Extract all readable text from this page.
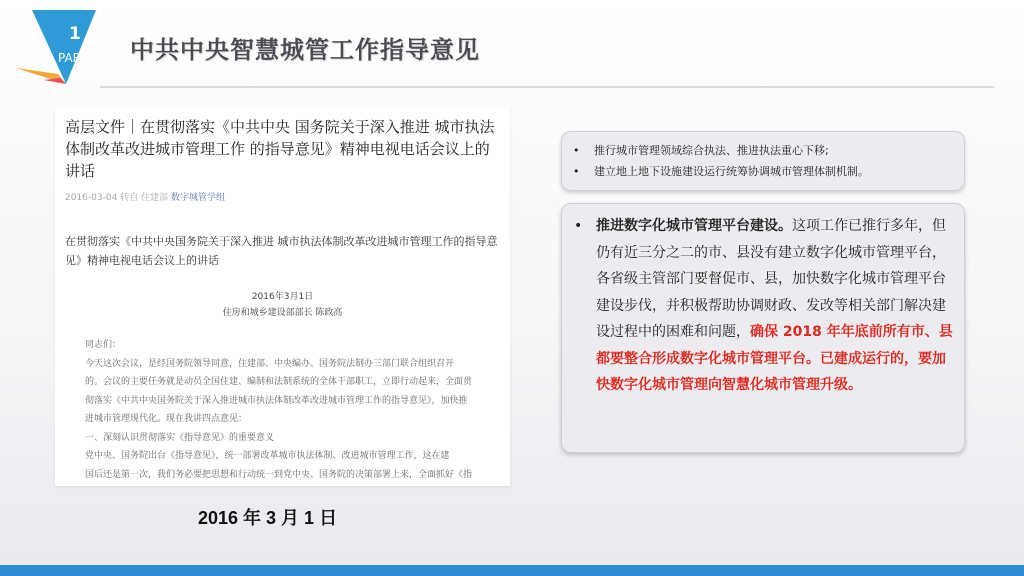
1
PART 中共中央智慧城管工作指导意见
高层文件｜在贯彻落实《中共中央 国务院关于深入推进 城市执法体制改革改进城市管理工作 的指导意见》精神电视电话会议上的讲话
2016-03-04 转自 住建部 数字城管学组
在贯彻落实《中共中央国务院关于深入推进 城市执法体制改革改进城市管理工作的指导意见》精神电视电话会议上的讲话
2016年3月1日
住房和城乡建设部部长 陈政高

同志们：

今天这次会议，是经国务院领导同意，住建部、中央编办、国务院法制办三部门联合组织召开

的。会议的主要任务就是动员全国住建、编制和法制系统的全体干部职工，立即行动起来，全面贯

彻落实《中共中央国务院关于深入推进城市执法体制改革改进城市管理工作的指导意见》，加快推

进城市管理现代化。现在我讲四点意见：

一、深刻认识贯彻落实《指导意见》的重要意义

党中央、国务院出台《指导意见》，统一部署改革城市执法体制、改进城市管理工作，这在建

国后还是第一次，我们务必要把思想和行动统一到党中央、国务院的决策部署上来，全面抓好《指

2016 年 3 月 1 日
• 推行城市管理领域综合执法、推进执法重心下移;
• 建立地上地下设施建设运行统筹协调城市管理体制机制。
• 推进数字化城市管理平台建设。这项工作已推行多年，但仍有近三分之二的市、县没有建立数字化城市管理平台，各省级主管部门要督促市、县，加快数字化城市管理平台建设步伐，并积极帮助协调财政、发改等相关部门解决建设过程中的困难和问题，确保 2018 年年底前所有市、县都要整合形成数字化城市管理平台。已建成运行的，要加快数字化城市管理向智慧化城市管理升级。
